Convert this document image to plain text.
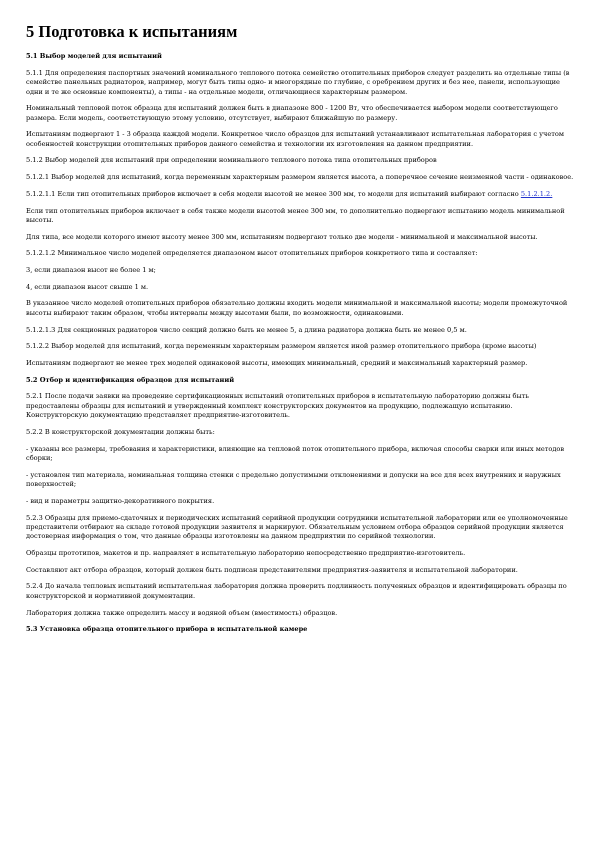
5 Подготовка к испытаниям

5.1 Выбор моделей для испытаний

5.1.1 Для определения паспортных значений номинального теплового потока семейство отопительных приборов следует разделить на отдельные типы (в семействе панельных радиаторов, например, могут быть типы одно- и многорядные по глубине, с оребрением других и без нее, панели, использующие одни и те же основные компоненты), а типы - на отдельные модели, отличающиеся характерным размером.

Номинальный тепловой поток образца для испытаний должен быть в диапазоне 800 - 1200 Вт, что обеспечивается выбором модели соответствующего размера. Если модель, соответствующую этому условию, отсутствует, выбирают ближайшую по размеру.

Испытаниям подвергают 1 - 3 образца каждой модели. Конкретное число образцов для испытаний устанавливают испытательная лаборатория с учетом особенностей конструкции отопительных приборов данного семейства и технологии их изготовления на данном предприятии.

5.1.2 Выбор моделей для испытаний при определении номинального теплового потока типа отопительных приборов

5.1.2.1 Выбор моделей для испытаний, когда переменным характерным размером является высота, а поперечное сечение неизменной части - одинаковое.

5.1.2.1.1 Если тип отопительных приборов включает в себя модели высотой не менее 300 мм, то модели для испытаний выбирают согласно 5.1.2.1.2.

Если тип отопительных приборов включает в себя также модели высотой менее 300 мм, то дополнительно подвергают испытанию модель минимальной высоты.

Для типа, все модели которого имеют высоту менее 300 мм, испытаниям подвергают только две модели - минимальной и максимальной высоты.

5.1.2.1.2 Минимальное число моделей определяется диапазоном высот отопительных приборов конкретного типа и составляет:

3, если диапазон высот не более 1 м;

4, если диапазон высот свыше 1 м.

В указанное число моделей отопительных приборов обязательно должны входить модели минимальной и максимальной высоты; модели промежуточной высоты выбирают таким образом, чтобы интервалы между высотами были, по возможности, одинаковыми.

5.1.2.1.3 Для секционных радиаторов число секций должно быть не менее 5, а длина радиатора должна быть не менее 0,5 м.

5.1.2.2 Выбор моделей для испытаний, когда переменным характерным размером является иной размер отопительного прибора (кроме высоты)

Испытаниям подвергают не менее трех моделей одинаковой высоты, имеющих минимальный, средний и максимальный характерный размер.

5.2 Отбор и идентификация образцов для испытаний

5.2.1 После подачи заявки на проведение сертификационных испытаний отопительных приборов в испытательную лабораторию должны быть предоставлены образцы для испытаний и утвержденный комплект конструкторских документов на продукцию, подлежащую испытанию. Конструкторскую документацию представляет предприятие-изготовитель.

5.2.2 В конструкторской документации должны быть:

- указаны все размеры, требования и характеристики, влияющие на тепловой поток отопительного прибора, включая способы сварки или иных методов сборки;

- установлен тип материала, номинальная толщина стенки с предельно допустимыми отклонениями и допуски на все для всех внутренних и наружных поверхностей;

- вид и параметры защитно-декоративного покрытия.

5.2.3 Образцы для приемо-сдаточных и периодических испытаний серийной продукции сотрудники испытательной лаборатории или ее уполномоченные представители отбирают на складе готовой продукции заявителя и маркируют. Обязательным условием отбора образцов серийной продукции является достоверная информация о том, что данные образцы изготовлены на данном предприятии по серийной технологии.

Образцы прототипов, макетов и пр. направляет в испытательную лабораторию непосредственно предприятие-изготовитель.

Составляют акт отбора образцов, который должен быть подписан представителями предприятия-заявителя и испытательной лаборатории.

5.2.4 До начала тепловых испытаний испытательная лаборатория должна проверить подлинность полученных образцов и идентифицировать образцы по конструкторской и нормативной документации.

Лаборатория должна также определить массу и водяной объем (вместимость) образцов.

5.3 Установка образца отопительного прибора в испытательной камере
